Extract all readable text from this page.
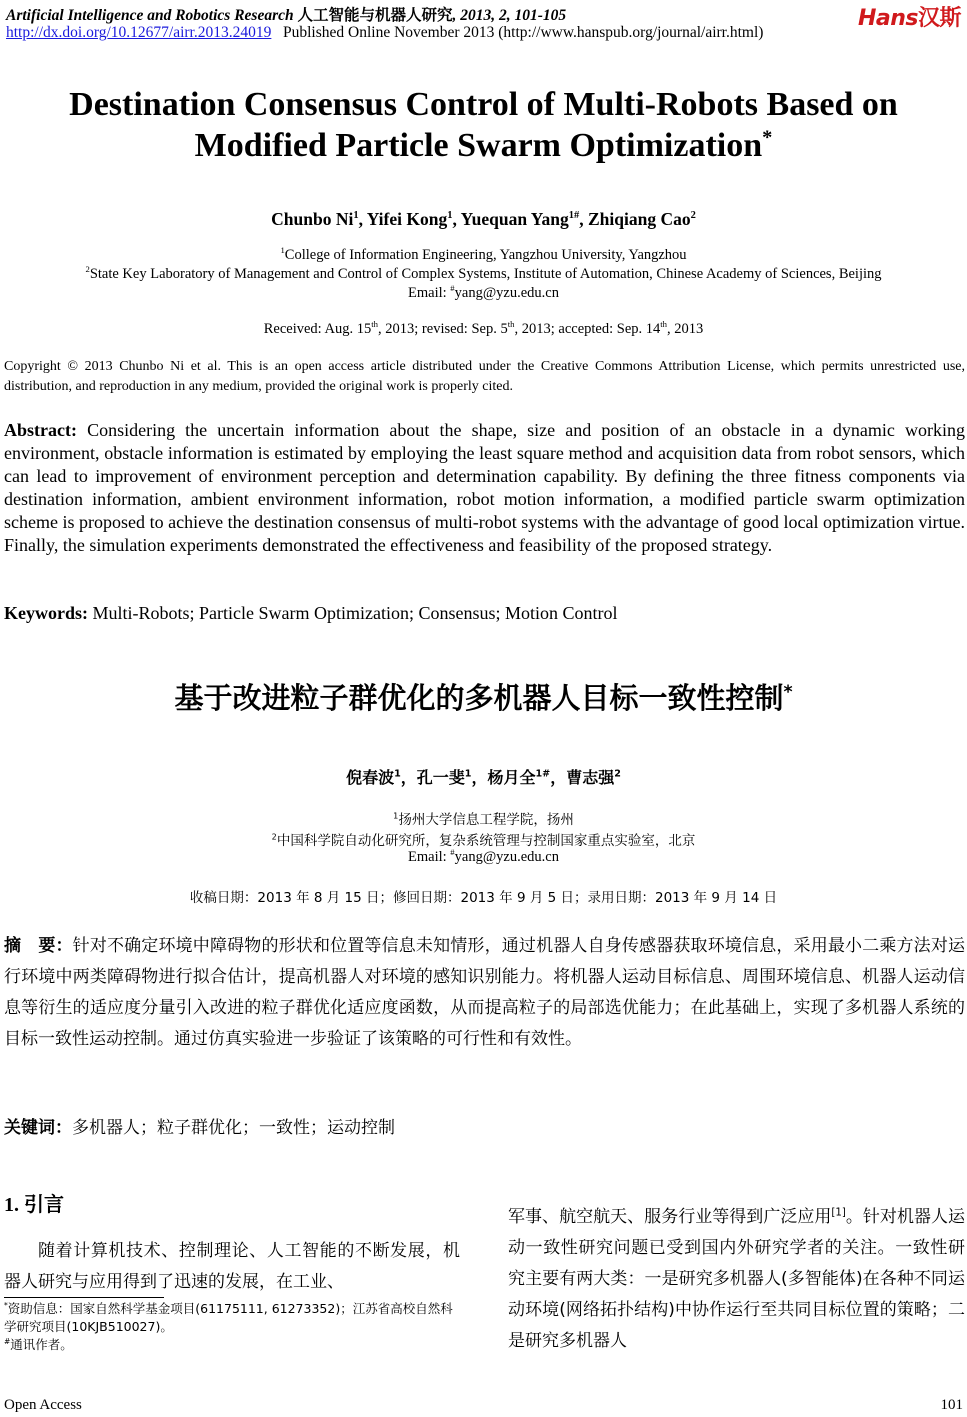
Artificial Intelligence and Robotics Research 人工智能与机器人研究, 2013, 2, 101-105	Hans汉斯
http://dx.doi.org/10.12677/airr.2013.24019 Published Online November 2013 (http://www.hanspub.org/journal/airr.html)
Destination Consensus Control of Multi-Robots Based on
Modified Particle Swarm Optimization*
Chunbo Ni$^1$, Yifei Kong$^1$, Yuequan Yang$^{1\#}$, Zhiqiang Cao$^2$
$^1$College of Information Engineering, Yangzhou University, Yangzhou
$^2$State Key Laboratory of Management and Control of Complex Systems, Institute of Automation, Chinese Academy of Sciences, Beijing
Email: #yang@yzu.edu.cn
Received: Aug. 15th, 2013; revised: Sep. 5th, 2013; accepted: Sep. 14th, 2013
Copyright © 2013 Chunbo Ni et al. This is an open access article distributed under the Creative Commons Attribution License, which permits unrestricted use, distribution, and reproduction in any medium, provided the original work is properly cited.
Abstract: Considering the uncertain information about the shape, size and position of an obstacle in a dynamic working environment, obstacle information is estimated by employing the least square method and acquisition data from robot sensors, which can lead to improvement of environment perception and determination capability. By defining the three fitness components via destination information, ambient environment information, robot motion information, a modified particle swarm optimization scheme is proposed to achieve the destination consensus of multi-robot systems with the advantage of good local optimization virtue. Finally, the simulation experiments demonstrated the effectiveness and feasibility of the proposed strategy.
Keywords: Multi-Robots; Particle Swarm Optimization; Consensus; Motion Control
基于改进粒子群优化的多机器人目标一致性控制*
倪春波$^1$，孔一斐$^1$，杨月全$^{1\#}$，曹志强$^2$
$^1$扬州大学信息工程学院，扬州
$^2$中国科学院自动化研究所，复杂系统管理与控制国家重点实验室，北京
Email: #yang@yzu.edu.cn
收稿日期：2013 年 8 月 15 日；修回日期：2013 年 9 月 5 日；录用日期：2013 年 9 月 14 日
摘　要：针对不确定环境中障碍物的形状和位置等信息未知情形，通过机器人自身传感器获取环境信息，采用最小二乘方法对运行环境中两类障碍物进行拟合估计，提高机器人对环境的感知识别能力。将机器人运动目标信息、周围环境信息、机器人运动信息等衍生的适应度分量引入改进的粒子群优化适应度函数，从而提高粒子的局部选优能力；在此基础上，实现了多机器人系统的目标一致性运动控制。通过仿真实验进一步验证了该策略的可行性和有效性。
关键词：多机器人；粒子群优化；一致性；运动控制
1. 引言
随着计算机技术、控制理论、人工智能的不断发展，机器人研究与应用得到了迅速的发展，在工业、
*资助信息：国家自然科学基金项目(61175111, 61273352)；江苏省高校自然科学研究项目(10KJB510027)。
#通讯作者。
军事、航空航天、服务行业等得到广泛应用[1]。针对机器人运动一致性研究问题已受到国内外研究学者的关注。一致性研究主要有两大类：一是研究多机器人(多智能体)在各种不同运动环境(网络拓扑结构)中协作运行至共同目标位置的策略；二是研究多机器人
Open Access	101
